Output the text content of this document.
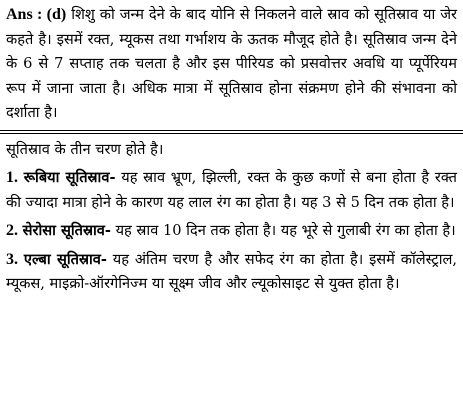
Ans : (d) शिशु को जन्म देने के बाद योनि से निकलने वाले स्राव को सूतिस्राव या जेर कहते है। इसमें रक्त, म्यूकस तथा गर्भाशय के ऊतक मौजूद होते है। सूतिस्राव जन्म देने के 6 से 7 सप्ताह तक चलता है और इस पीरियड को प्रसवोत्तर अवधि या प्यूर्पेरियम रूप में जाना जाता है। अधिक मात्रा में सूतिस्राव होना संक्रमण होने की संभावना को दर्शाता है।

सूतिस्राव के तीन चरण होते है।

1. रूबिया सूतिस्राव- यह स्राव भ्रूण, झिल्ली, रक्त के कुछ कणों से बना होता है रक्त की ज्यादा मात्रा होने के कारण यह लाल रंग का होता है। यह 3 से 5 दिन तक होता है।

2. सेरोसा सूतिस्राव- यह स्राव 10 दिन तक होता है। यह भूरे से गुलाबी रंग का होता है।

3. एल्बा सूतिस्राव- यह अंतिम चरण है और सफेद रंग का होता है। इसमें कॉलेस्ट्राल, म्यूकस, माइक्रो-ऑरगेनिज्म या सूक्ष्म जीव और ल्यूकोसाइट से युक्त होता है।
